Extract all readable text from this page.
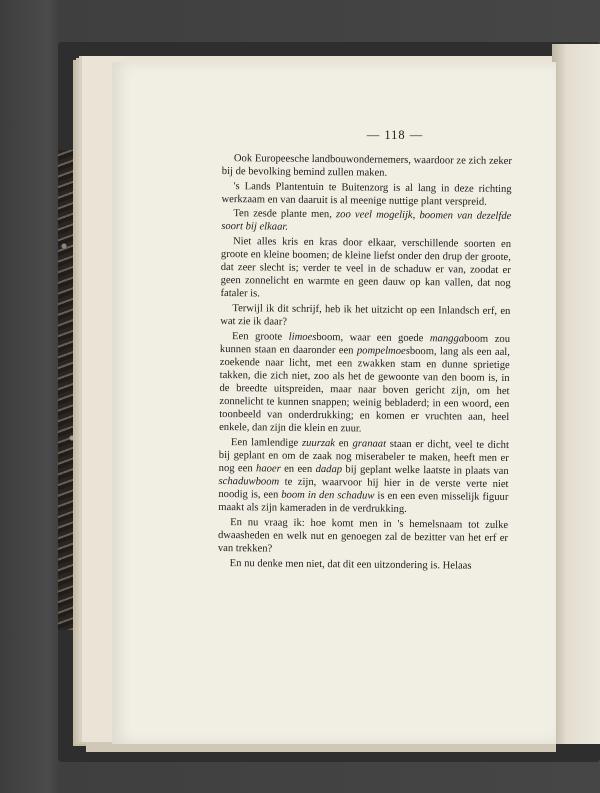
— 118 —

Ook Europeesche landbouwondernemers, waardoor ze zich zeker bij de bevolking bemind zullen maken.

's Lands Plantentuin te Buitenzorg is al lang in deze richting werkzaam en van daaruit is al meenige nuttige plant verspreid.

Ten zesde plante men, zoo veel mogelijk, boomen van dezelfde soort bij elkaar.

Niet alles kris en kras door elkaar, verschillende soorten en groote en kleine boomen; de kleine liefst onder den drup der groote, dat zeer slecht is; verder te veel in de schaduw er van, zoodat er geen zonnelicht en warmte en geen dauw op kan vallen, dat nog fataler is.

Terwijl ik dit schrijf, heb ik het uitzicht op een Inlandsch erf, en wat zie ik daar?

Een groote limoesboom, waar een goede manggaboom zou kunnen staan en daaronder een pompelmoesboom, lang als een aal, zoekende naar licht, met een zwakken stam en dunne sprietige takken, die zich niet, zoo als het de gewoonte van den boom is, in de breedte uitspreiden, maar naar boven gericht zijn, om het zonnelicht te kunnen snappen; weinig bebladerd; in een woord, een toonbeeld van onderdrukking; en komen er vruchten aan, heel enkele, dan zijn die klein en zuur.

Een lamlendige zuurzak en granaat staan er dicht, veel te dicht bij geplant en om de zaak nog miserabeler te maken, heeft men er nog een haoer en een dadap bij geplant welke laatste in plaats van schaduwboom te zijn, waarvoor hij hier in de verste verte niet noodig is, een boom in den schaduw is en een even misselijk figuur maakt als zijn kameraden in de verdrukking.

En nu vraag ik: hoe komt men in 's hemelsnaam tot zulke dwaasheden en welk nut en genoegen zal de bezitter van het erf er van trekken?

En nu denke men niet, dat dit een uitzondering is. Helaas
